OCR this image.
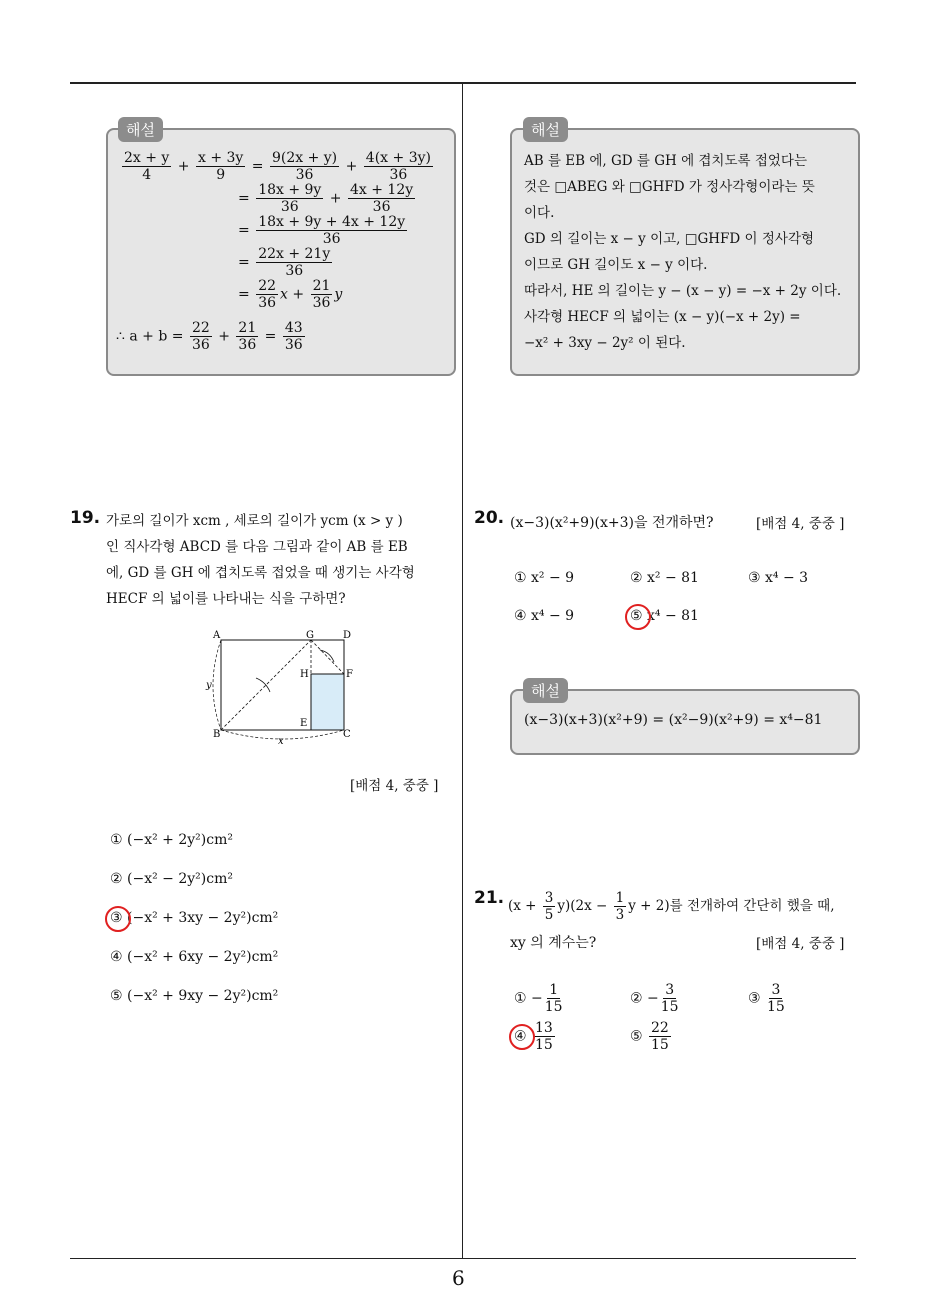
6
해설
$\frac{2x + y}{4} + \frac{x + 3y}{9} = \frac{9(2x + y)}{36} + \frac{4(x + 3y)}{36}$
= $\frac{18x + 9y}{36} + \frac{4x + 12y}{36}$
= $\frac{18x + 9y + 4x + 12y}{36}$
= $\frac{22x + 21y}{36}$
= $\frac{22}{36}$ $x + \frac{21}{36}$ y
∴ $a + b = \frac{22}{36} + \frac{21}{36} = \frac{43}{36}$
해설
AB 를 EB 에, GD 를 GH 에 겹치도록 접었다는
것은 □ABEG 와 □GHFD 가 정사각형이라는 뜻
이다.
GD 의 길이는 x − y 이고, □GHFD 이 정사각형
이므로 GH 길이도 x − y 이다.
따라서, HE 의 길이는 y − (x − y) = −x + 2y 이다.
사각형 HECF 의 넓이는 (x − y)(−x + 2y) =
−x² + 3xy − 2y² 이 된다.
19. 가로의 길이가 xcm , 세로의 길이가 ycm (x > y )
인 직사각형 ABCD 를 다음 그림과 같이 AB 를 EB
에, GD 를 GH 에 겹치도록 접었을 때 생기는 사각형
HECF 의 넓이를 나타내는 식을 구하면?
A	G	D
H	F
E
B	C
x
y
[배점 4, 중중 ]
① (−x² + 2y²)cm²
② (−x² − 2y²)cm²
③ (−x² + 3xy − 2y²)cm²
④ (−x² + 6xy − 2y²)cm²
⑤ (−x² + 9xy − 2y²)cm²
20. (x−3)(x²+9)(x+3)을 전개하면?	[배점 4, 중중 ]
① x² − 9	② x² − 81	③ x⁴ − 3
④ x⁴ − 9	⑤ x⁴ − 81
해설
(x−3)(x+3)(x²+9) = (x²−9)(x²+9) = x⁴−81
21. $(x + \frac{3}{5} y)(2x - \frac{1}{3}$ y + 2)를 전개하여 간단히 했을 때,
xy 의 계수는?	[배점 4, 중중 ]
① − $\frac{1}{15}$	② − $\frac{3}{15}$	③ $\frac{3}{15}$
④ $\frac{13}{15}$	⑤ $\frac{22}{15}$
